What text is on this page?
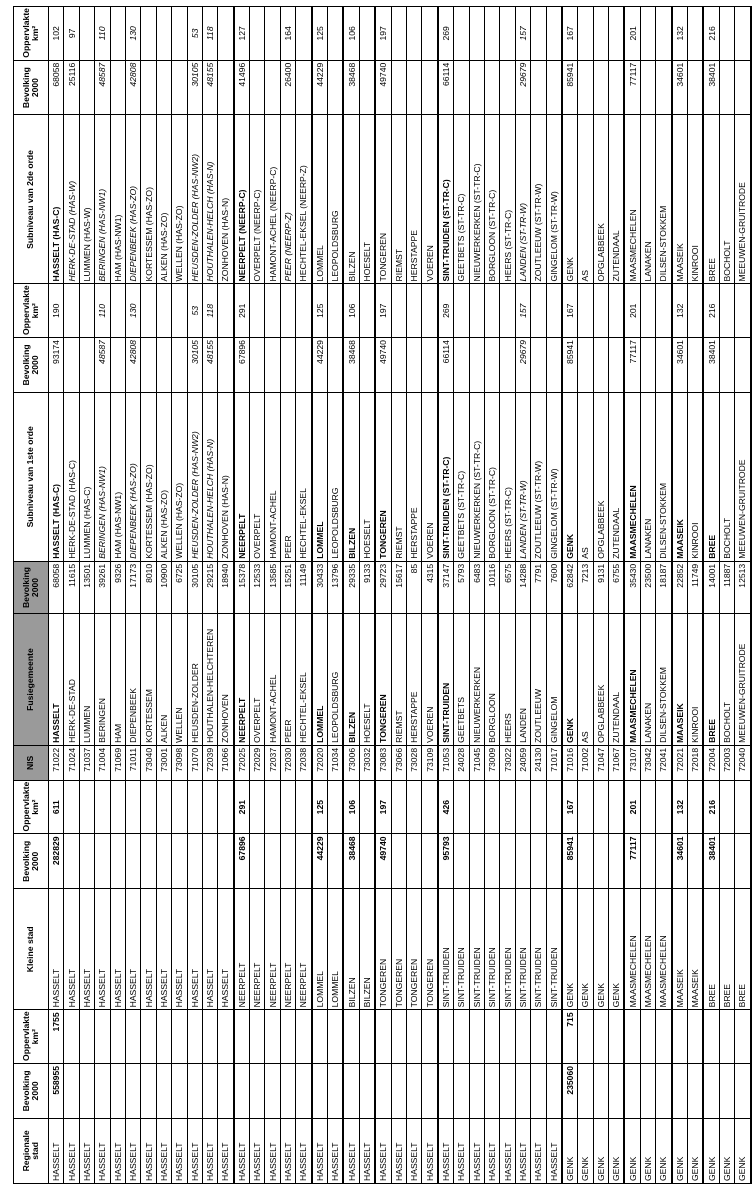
Regionale stad	Bevolking 2000	Oppervlakte km²	Kleine stad	Bevolking 2000	Oppervlakte km²	NIS	Fusiegemeente	Bevolking 2000	Subniveau van 1ste orde	Bevolking 2000	Oppervlakte km²	Subniveau van 2de orde	Bevolking 2000	Oppervlakte km²
HASSELT	558955	1755	HASSELT	282829	611	71022	HASSELT	68058	HASSELT (HAS-C)	93174	190	HASSELT (HAS-C)	68058	102
HASSELT			HASSELT			71024	HERK-DE-STAD	11615	HERK-DE-STAD (HAS-C)			HERK-DE-STAD (HAS-W)	25116	97
HASSELT			HASSELT			71037	LUMMEN	13501	LUMMEN (HAS-C)			LUMMEN (HAS-W)		
HASSELT			HASSELT			71004	BERINGEN	39261	BERINGEN (HAS-NW1)	48587	110	BERINGEN (HAS-NW1)	48587	110
HASSELT			HASSELT			71069	HAM	9326	HAM (HAS-NW1)			HAM (HAS-NW1)		
HASSELT			HASSELT			71011	DIEPENBEEK	17173	DIEPENBEEK (HAS-ZO)	42808	130	DIEPENBEEK (HAS-ZO)	42808	130
HASSELT			HASSELT			73040	KORTESSEM	8010	KORTESSEM (HAS-ZO)			KORTESSEM (HAS-ZO)		
HASSELT			HASSELT			73001	ALKEN	10900	ALKEN (HAS-ZO)			ALKEN (HAS-ZO)		
HASSELT			HASSELT			73098	WELLEN	6725	WELLEN (HAS-ZO)			WELLEN (HAS-ZO)		
HASSELT			HASSELT			71070	HEUSDEN-ZOLDER	30105	HEUSDEN-ZOLDER (HAS-NW2)	30105	53	HEUSDEN-ZOLDER (HAS-NW2)	30105	53
HASSELT			HASSELT			72039	HOUTHALEN-HELCHTEREN	29215	HOUTHALEN-HELCH (HAS-N)	48155	118	HOUTHALEN-HELCH (HAS-N)	48155	118
HASSELT			HASSELT			71066	ZONHOVEN	18940	ZONHOVEN (HAS-N)			ZONHOVEN (HAS-N)		
HASSELT			NEERPELT	67896	291	72025	NEERPELT	15378	NEERPELT	67896	291	NEERPELT (NEERP-C)	41496	127
HASSELT			NEERPELT			72029	OVERPELT	12533	OVERPELT			OVERPELT (NEERP-C)		
HASSELT			NEERPELT			72037	HAMONT-ACHEL	13585	HAMONT-ACHEL			HAMONT-ACHEL (NEERP-C)		
HASSELT			NEERPELT			72030	PEER	15251	PEER			PEER (NEERP-Z)	26400	164
HASSELT			NEERPELT			72038	HECHTEL-EKSEL	11149	HECHTEL-EKSEL			HECHTEL-EKSEL (NEERP-Z)		
HASSELT			LOMMEL	44229	125	72020	LOMMEL	30433	LOMMEL	44229	125	LOMMEL	44229	125
HASSELT			LOMMEL			71034	LEOPOLDSBURG	13796	LEOPOLDSBURG			LEOPOLDSBURG		
HASSELT			BILZEN	38468	106	73006	BILZEN	29335	BILZEN	38468	106	BILZEN	38468	106
HASSELT			BILZEN			73032	HOESELT	9133	HOESELT			HOESELT		
HASSELT			TONGEREN	49740	197	73083	TONGEREN	29723	TONGEREN	49740	197	TONGEREN	49740	197
HASSELT			TONGEREN			73066	RIEMST	15617	RIEMST			RIEMST		
HASSELT			TONGEREN			73028	HERSTAPPE	85	HERSTAPPE			HERSTAPPE		
HASSELT			TONGEREN			73109	VOEREN	4315	VOEREN			VOEREN		
HASSELT			SINT-TRUIDEN	95793	426	71053	SINT-TRUIDEN	37147	SINT-TRUIDEN (ST-TR-C)	66114	269	SINT-TRUIDEN (ST-TR-C)	66114	269
HASSELT			SINT-TRUIDEN			24028	GEETBETS	5793	GEETBETS (ST-TR-C)			GEETBETS (ST-TR-C)		
HASSELT			SINT-TRUIDEN			71045	NIEUWERKERKEN	6483	NIEUWERKERKEN (ST-TR-C)			NIEUWERKERKEN (ST-TR-C)		
HASSELT			SINT-TRUIDEN			73009	BORGLOON	10116	BORGLOON (ST-TR-C)			BORGLOON (ST-TR-C)		
HASSELT			SINT-TRUIDEN			73022	HEERS	6575	HEERS (ST-TR-C)			HEERS (ST-TR-C)		
HASSELT			SINT-TRUIDEN			24059	LANDEN	14288	LANDEN (ST-TR-W)	29679	157	LANDEN (ST-TR-W)	29679	157
HASSELT			SINT-TRUIDEN			24130	ZOUTLEEUW	7791	ZOUTLEEUW (ST-TR-W)			ZOUTLEEUW (ST-TR-W)		
HASSELT			SINT-TRUIDEN			71017	GINGELOM	7600	GINGELOM (ST-TR-W)			GINGELOM (ST-TR-W)		
GENK	235060	715	GENK	85941	167	71016	GENK	62842	GENK	85941	167	GENK	85941	167
GENK			GENK			71002	AS	7213	AS			AS		
GENK			GENK			71047	OPGLABBEEK	9131	OPGLABBEEK			OPGLABBEEK		
GENK			GENK			71067	ZUTENDAAL	6755	ZUTENDAAL			ZUTENDAAL		
GENK			MAASMECHELEN	77117	201	73107	MAASMECHELEN	35430	MAASMECHELEN	77117	201	MAASMECHELEN	77117	201
GENK			MAASMECHELEN			73042	LANAKEN	23500	LANAKEN			LANAKEN		
GENK			MAASMECHELEN			72041	DILSEN-STOKKEM	18187	DILSEN-STOKKEM			DILSEN-STOKKEM		
GENK			MAASEIK	34601	132	72021	MAASEIK	22852	MAASEIK	34601	132	MAASEIK	34601	132
GENK			MAASEIK			72018	KINROOI	11749	KINROOI			KINROOI		
GENK			BREE	38401	216	72004	BREE	14001	BREE	38401	216	BREE	38401	216
GENK			BREE			72003	BOCHOLT	11887	BOCHOLT			BOCHOLT		
GENK			BREE			72040	MEEUWEN-GRUITRODE	12513	MEEUWEN-GRUITRODE			MEEUWEN-GRUITRODE		
